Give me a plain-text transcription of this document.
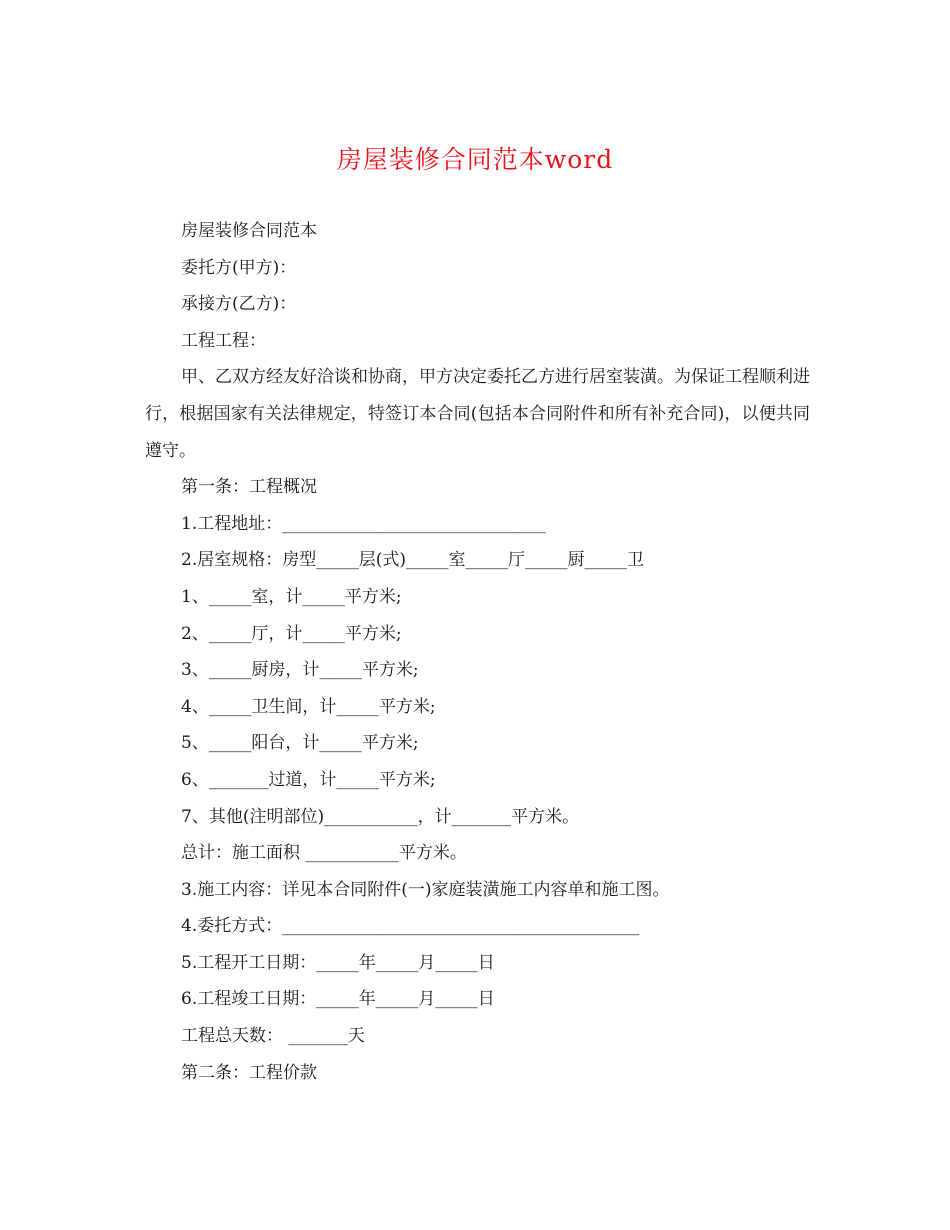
房屋装修合同范本word

房屋装修合同范本

委托方(甲方)：

承接方(乙方)：

工程工程：

甲、乙双方经友好洽谈和协商，甲方决定委托乙方进行居室装潢。为保证工程顺利进行，根据国家有关法律规定，特签订本合同(包括本合同附件和所有补充合同)，以便共同遵守。

第一条：工程概况

1.工程地址：_______________________________

2.居室规格：房型_____层(式)_____室_____厅_____厨_____卫

1、_____室，计_____平方米;

2、_____厅，计_____平方米;

3、_____厨房，计_____平方米;

4、_____卫生间，计_____平方米;

5、_____阳台，计_____平方米;

6、_______过道，计_____平方米;

7、其他(注明部位)___________，计_______平方米。

总计：施工面积 ___________平方米。

3.施工内容：详见本合同附件(一)家庭装潢施工内容单和施工图。

4.委托方式：__________________________________________

5.工程开工日期：_____年_____月_____日

6.工程竣工日期：_____年_____月_____日

工程总天数： _______天

第二条：工程价款
